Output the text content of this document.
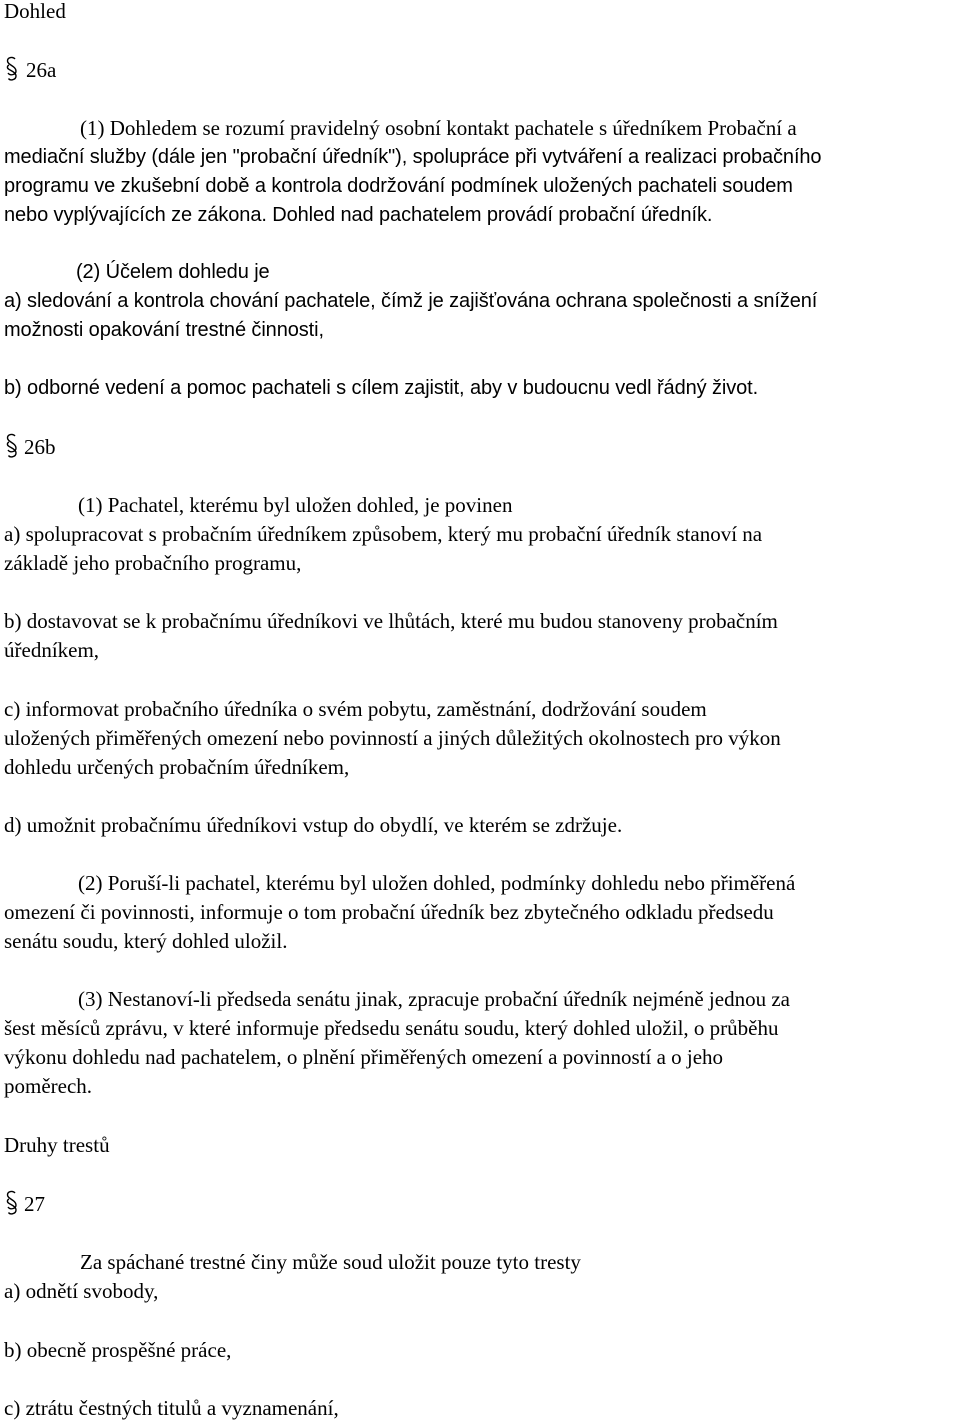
Dohled
26a
(1) Dohledem se rozumí pravidelný osobní kontakt pachatele s úředníkem Probační a
mediační služby (dále jen "probační úředník"), spolupráce při vytváření a realizaci probačního
programu ve zkušební době a kontrola dodržování podmínek uložených pachateli soudem
nebo vyplývajících ze zákona. Dohled nad pachatelem provádí probační úředník.
(2) Účelem dohledu je
a) sledování a kontrola chování pachatele, čímž je zajišťována ochrana společnosti a snížení
možnosti opakování trestné činnosti,
b) odborné vedení a pomoc pachateli s cílem zajistit, aby v budoucnu vedl řádný život.
26b
(1) Pachatel, kterému byl uložen dohled, je povinen
a) spolupracovat s probačním úředníkem způsobem, který mu probační úředník stanoví na
základě jeho probačního programu,
b) dostavovat se k probačnímu úředníkovi ve lhůtách, které mu budou stanoveny probačním
úředníkem,
c) informovat probačního úředníka o svém pobytu, zaměstnání, dodržování soudem
uložených přiměřených omezení nebo povinností a jiných důležitých okolnostech pro výkon
dohledu určených probačním úředníkem,
d) umožnit probačnímu úředníkovi vstup do obydlí, ve kterém se zdržuje.
(2) Poruší-li pachatel, kterému byl uložen dohled, podmínky dohledu nebo přiměřená
omezení či povinnosti, informuje o tom probační úředník bez zbytečného odkladu předsedu
senátu soudu, který dohled uložil.
(3) Nestanoví-li předseda senátu jinak, zpracuje probační úředník nejméně jednou za
šest měsíců zprávu, v které informuje předsedu senátu soudu, který dohled uložil, o průběhu
výkonu dohledu nad pachatelem, o plnění přiměřených omezení a povinností a o jeho
poměrech.
Druhy trestů
27
Za spáchané trestné činy může soud uložit pouze tyto tresty
a) odnětí svobody,
b) obecně prospěšné práce,
c) ztrátu čestných titulů a vyznamenání,
